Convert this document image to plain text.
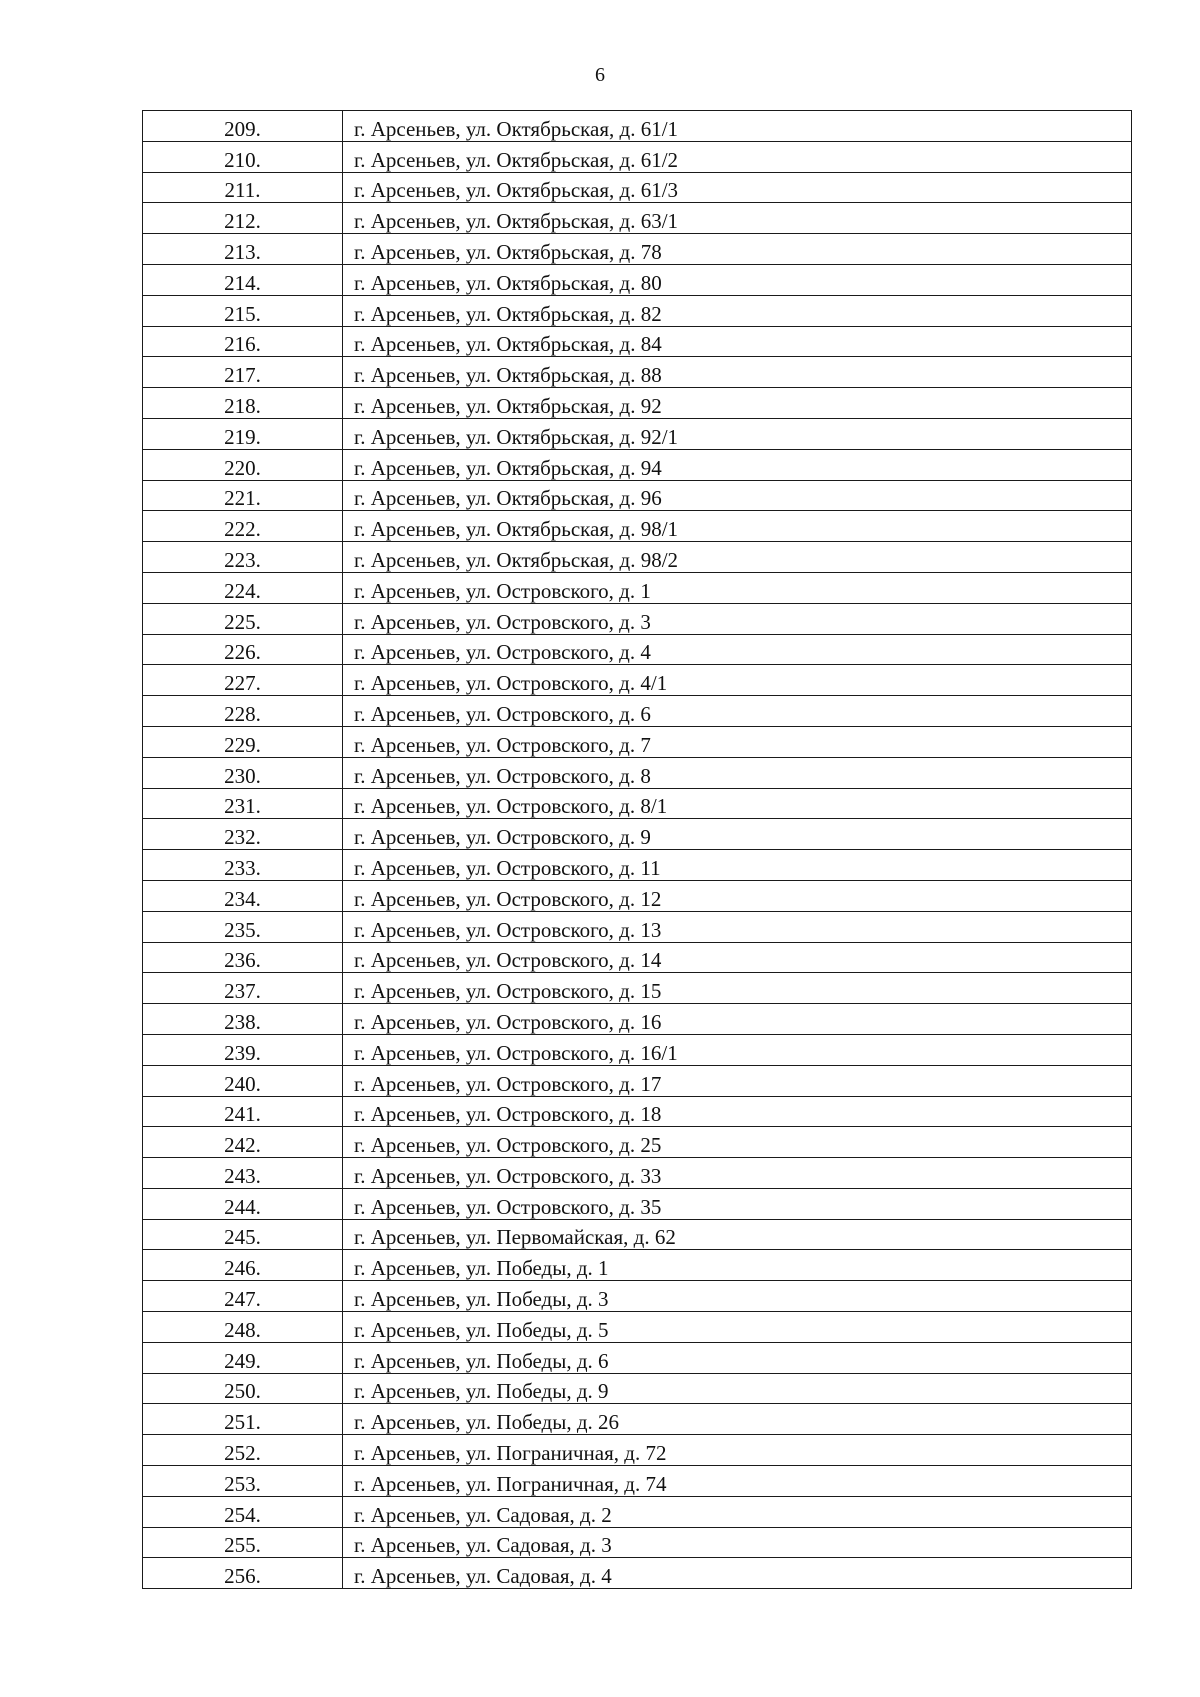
6
209.	г. Арсеньев, ул. Октябрьская, д. 61/1
210.	г. Арсеньев, ул. Октябрьская, д. 61/2
211.	г. Арсеньев, ул. Октябрьская, д. 61/3
212.	г. Арсеньев, ул. Октябрьская, д. 63/1
213.	г. Арсеньев, ул. Октябрьская, д. 78
214.	г. Арсеньев, ул. Октябрьская, д. 80
215.	г. Арсеньев, ул. Октябрьская, д. 82
216.	г. Арсеньев, ул. Октябрьская, д. 84
217.	г. Арсеньев, ул. Октябрьская, д. 88
218.	г. Арсеньев, ул. Октябрьская, д. 92
219.	г. Арсеньев, ул. Октябрьская, д. 92/1
220.	г. Арсеньев, ул. Октябрьская, д. 94
221.	г. Арсеньев, ул. Октябрьская, д. 96
222.	г. Арсеньев, ул. Октябрьская, д. 98/1
223.	г. Арсеньев, ул. Октябрьская, д. 98/2
224.	г. Арсеньев, ул. Островского, д. 1
225.	г. Арсеньев, ул. Островского, д. 3
226.	г. Арсеньев, ул. Островского, д. 4
227.	г. Арсеньев, ул. Островского, д. 4/1
228.	г. Арсеньев, ул. Островского, д. 6
229.	г. Арсеньев, ул. Островского, д. 7
230.	г. Арсеньев, ул. Островского, д. 8
231.	г. Арсеньев, ул. Островского, д. 8/1
232.	г. Арсеньев, ул. Островского, д. 9
233.	г. Арсеньев, ул. Островского, д. 11
234.	г. Арсеньев, ул. Островского, д. 12
235.	г. Арсеньев, ул. Островского, д. 13
236.	г. Арсеньев, ул. Островского, д. 14
237.	г. Арсеньев, ул. Островского, д. 15
238.	г. Арсеньев, ул. Островского, д. 16
239.	г. Арсеньев, ул. Островского, д. 16/1
240.	г. Арсеньев, ул. Островского, д. 17
241.	г. Арсеньев, ул. Островского, д. 18
242.	г. Арсеньев, ул. Островского, д. 25
243.	г. Арсеньев, ул. Островского, д. 33
244.	г. Арсеньев, ул. Островского, д. 35
245.	г. Арсеньев, ул. Первомайская, д. 62
246.	г. Арсеньев, ул. Победы, д. 1
247.	г. Арсеньев, ул. Победы, д. 3
248.	г. Арсеньев, ул. Победы, д. 5
249.	г. Арсеньев, ул. Победы, д. 6
250.	г. Арсеньев, ул. Победы, д. 9
251.	г. Арсеньев, ул. Победы, д. 26
252.	г. Арсеньев, ул. Пограничная, д. 72
253.	г. Арсеньев, ул. Пограничная, д. 74
254.	г. Арсеньев, ул. Садовая, д. 2
255.	г. Арсеньев, ул. Садовая, д. 3
256.	г. Арсеньев, ул. Садовая, д. 4
